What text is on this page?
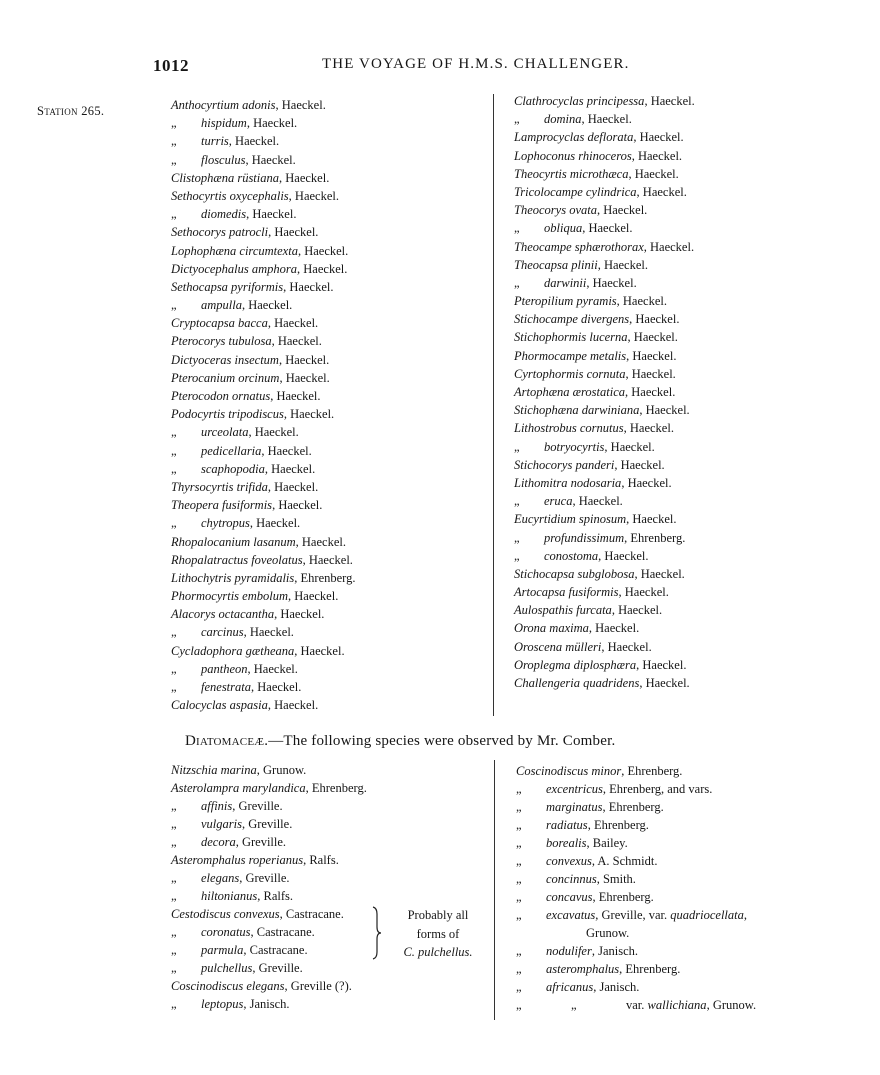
1012	THE VOYAGE OF H.M.S. CHALLENGER.
Station 265.	Anthocyrtium adonis, Haeckel.
„ hispidum, Haeckel.
„ turris, Haeckel.
„ flosculus, Haeckel.
Clistophæna rüstiana, Haeckel.
Sethocyrtis oxycephalis, Haeckel.
„ diomedis, Haeckel.
Sethocorys patrocli, Haeckel.
Lophophæna circumtexta, Haeckel.
Dictyocephalus amphora, Haeckel.
Sethocapsa pyriformis, Haeckel.
„ ampulla, Haeckel.
Cryptocapsa bacca, Haeckel.
Pterocorys tubulosa, Haeckel.
Dictyoceras insectum, Haeckel.
Pterocanium orcinum, Haeckel.
Pterocodon ornatus, Haeckel.
Podocyrtis tripodiscus, Haeckel.
„ urceolata, Haeckel.
„ pedicellaria, Haeckel.
„ scaphopodia, Haeckel.
Thyrsocyrtis trifida, Haeckel.
Theopera fusiformis, Haeckel.
„ chytropus, Haeckel.
Rhopalocanium lasanum, Haeckel.
Rhopalatractus foveolatus, Haeckel.
Lithochytris pyramidalis, Ehrenberg.
Phormocyrtis embolum, Haeckel.
Alacorys octacantha, Haeckel.
„ carcinus, Haeckel.
Cycladophora gætheana, Haeckel.
„ pantheon, Haeckel.
„ fenestrata, Haeckel.
Calocyclas aspasia, Haeckel.
Clathrocyclas principessa, Haeckel.
„ domina, Haeckel.
Lamprocyclas deflorata, Haeckel.
Lophoconus rhinoceros, Haeckel.
Theocyrtis microthæca, Haeckel.
Tricolocampe cylindrica, Haeckel.
Theocorys ovata, Haeckel.
„ obliqua, Haeckel.
Theocampe sphærothorax, Haeckel.
Theocapsa plinii, Haeckel.
„ darwinii, Haeckel.
Pteropilium pyramis, Haeckel.
Stichocampe divergens, Haeckel.
Stichophormis lucerna, Haeckel.
Phormocampe metalis, Haeckel.
Cyrtophormis cornuta, Haeckel.
Artophæna ærostatica, Haeckel.
Stichophæna darwiniana, Haeckel.
Lithostrobus cornutus, Haeckel.
„ botryocyrtis, Haeckel.
Stichocorys panderi, Haeckel.
Lithomitra nodosaria, Haeckel.
„ eruca, Haeckel.
Eucyrtidium spinosum, Haeckel.
„ profundissimum, Ehrenberg.
„ conostoma, Haeckel.
Stichocapsa subglobosa, Haeckel.
Artocapsa fusiformis, Haeckel.
Aulospathis furcata, Haeckel.
Orona maxima, Haeckel.
Oroscena mülleri, Haeckel.
Oroplegma diplosphæra, Haeckel.
Challengeria quadridens, Haeckel.
Diatomaceæ.—The following species were observed by Mr. Comber.
Nitzschia marina, Grunow.
Asterolampra marylandica, Ehrenberg.
„ affinis, Greville.
„ vulgaris, Greville.
„ decora, Greville.
Asteromphalus roperianus, Ralfs.
„ elegans, Greville.
„ hiltonianus, Ralfs.
Cestodiscus convexus, Castracane.
„ coronatus, Castracane.
„ parmula, Castracane.
„ pulchellus, Greville.
Coscinodiscus elegans, Greville (?).
„ leptopus, Janisch.
Coscinodiscus minor, Ehrenberg.
„ excentricus, Ehrenberg, and vars.
„ marginatus, Ehrenberg.
„ radiatus, Ehrenberg.
„ borealis, Bailey.
„ convexus, A. Schmidt.
„ concinnus, Smith.
„ concavus, Ehrenberg.
„ excavatus, Greville, var. quadriocellata,
Grunow.
„ nodulifer, Janisch.
„ asteromphalus, Ehrenberg.
„ africanus, Janisch.
„	„	var. wallichiana, Grunow.
Probably all
forms of
C. pulchellus.
